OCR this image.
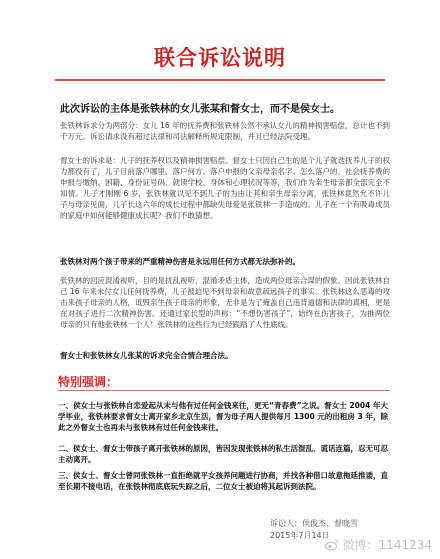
联合诉讼说明
此次诉讼的主体是张铁林的女儿张某和督女士，而不是侯女士。
张铁林诉求分为两部分：女儿 16 年的抚养费和张铁林公然不承认女儿的精神损害赔偿，总计也不到千万元。诉讼请求没有超过法律和司法解释所规定限制，并且已经法院受理。
督女士的诉求是：儿子的抚养权以及精神损害赔偿。督女士只因自己生的是个儿子就迭抚养儿子的权力都没有了，儿子目前落户哪里、落户何方、落户申报的父亲母亲名字、怎么落户的、社会抚养费的申报与缴纳、困籍、身份证号码、就读学校、身体和心理状况等等，我们作为亲生母亲都全部完全不知情。儿子才刚刚 6 岁，张铁林就以见不到儿子的为由让其和亲生母亲分离，张铁林竟然允不许儿子与母亲见面，儿子长这六年的成长过程中都缺失母爱是张铁林一手造成的。儿子在一个有吸毒成员的家庭中如何能够健康成长呢？我们不敢猜想。
张铁林对两个孩子带来的严重精神伤害是永远用任何方式都无法弥补的。
张铁林的回应混淆视听，目的是扰乱视听，混淆矛盾主体，造成两位母亲合谋的假象。因此张铁林自己 16 年来未付女儿任何抚养费，儿子被迫见不到母亲和故意疏远孩子的事实。张铁林这么恶毒的攻击来孩子母亲的人格，诋毁亲生孩子母亲的形象，无非是为了掩盖自己违背道德和法律的真相，更是在对孩子进行二次精神伤害。还通过家长型的声称：“不想伤害孩子”，始终在伤害孩子，为推两位母亲的只有他张铁林一个人！张铁林的这些行为已经践踏了人性底线。
督女士和张铁林女儿张某的诉求完全合情合理合法。
特别强调：
一、侯女士与张铁林自恋爱起从未与他有过任何金钱来往，更无“青春费”之说。督女士 2004 年大学毕业，张铁林要求督女士离开家乡北京生活，督为母子两人提供每月 1300 元的出租房 3 年，除此之外督女士也再未与张铁林有过任何金钱来往。
二、侯女士、督女士带孩子离开张铁林的原因，皆因发现张铁林的私生活混乱、谎话连篇，忍无可忍主动离开。
三、侯女士、督女士曾同张铁林一直拒绝就平女孩养问题进行协商，并找各种借口故意拖延推诿，直至长期不接电话，在张铁林彻底底玩失踪之后，二位女士被迫将其起诉到法院。
诉讼人：侯俊杰、督晓雪
2015年7月14日
微博：1141234
